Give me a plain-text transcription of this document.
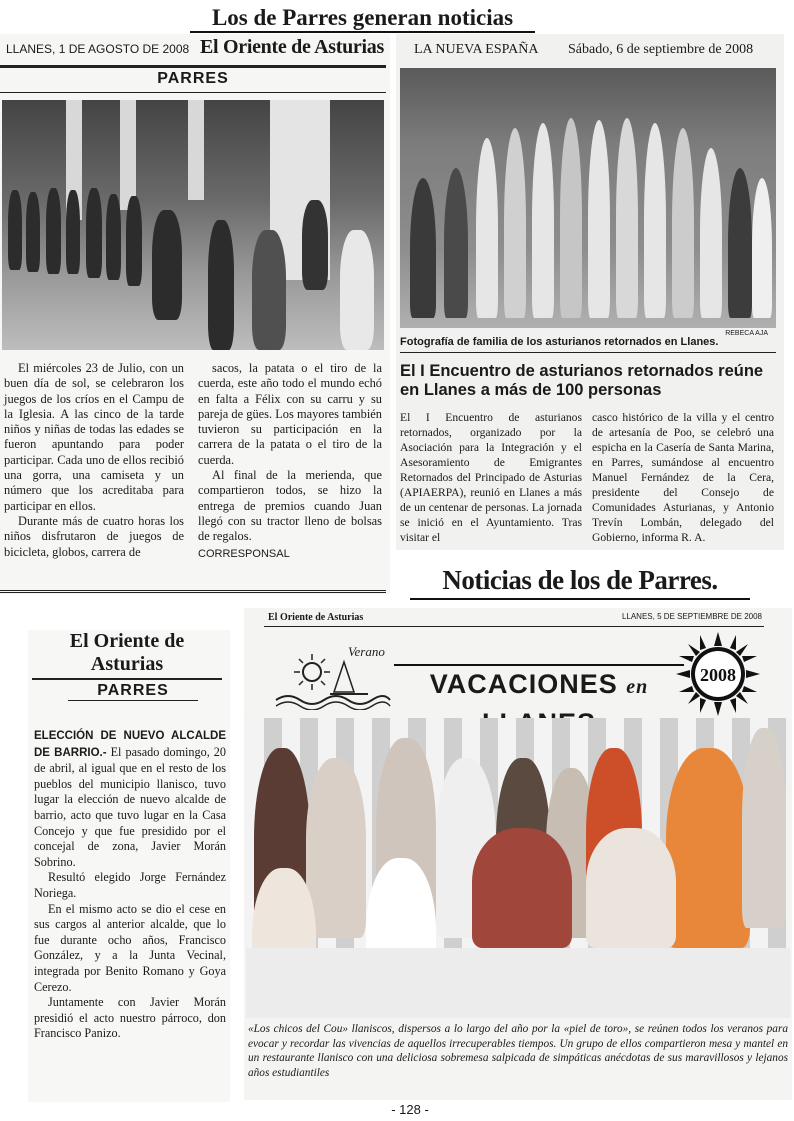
Los de Parres generan noticias
LLANES, 1 DE AGOSTO DE 2008 El Oriente de Asturias
PARRES

El miércoles 23 de Julio, con un buen día de sol, se celebraron los juegos de los críos en el Campu de la Iglesia. A las cinco de la tarde niños y niñas de todas las edades se fueron apuntando para poder participar. Cada uno de ellos recibió una gorra, una camiseta y un número que los acreditaba para participar en ellos.

Durante más de cuatro horas los niños disfrutaron de juegos de bicicleta, globos, carrera de

sacos, la patata o el tiro de la cuerda, este año todo el mundo echó en falta a Félix con su carru y su pareja de gües. Los mayores también tuvieron su participación en la carrera de la patata o el tiro de la cuerda.

Al final de la merienda, que compartieron todos, se hizo la entrega de premios cuando Juan llegó con su tractor lleno de bolsas de regalos.

CORRESPONSAL

LA NUEVA ESPAÑA Sábado, 6 de septiembre de 2008
REBECA AJA
Fotografía de familia de los asturianos retornados en Llanes.
El I Encuentro de asturianos retornados reúne en Llanes a más de 100 personas
El I Encuentro de asturianos retornados, organizado por la Asociación para la Integración y el Asesoramiento de Emigrantes Retornados del Principado de Asturias (APIAERPA), reunió en Llanes a más de un centenar de personas. La jornada se inició en el Ayuntamiento. Tras visitar el
casco histórico de la villa y el centro de artesanía de Poo, se celebró una espicha en la Casería de Santa Marina, en Parres, sumándose al encuentro Manuel Fernández de la Cera, presidente del Consejo de Comunidades Asturianas, y Antonio Trevín Lombán, delegado del Gobierno, informa R. A.
Noticias de los de Parres.
El Oriente de Asturias
PARRES

ELECCIÓN DE NUEVO ALCALDE DE BARRIO.- El pasado domingo, 20 de abril, al igual que en el resto de los pueblos del municipio llanisco, tuvo lugar la elección de nuevo alcalde de barrio, acto que tuvo lugar en la Casa Concejo y que fue presidido por el concejal de zona, Javier Morán Sobrino.

Resultó elegido Jorge Fernández Noriega.

En el mismo acto se dio el cese en sus cargos al anterior alcalde, que lo fue durante ocho años, Francisco González, y a la Junta Vecinal, integrada por Benito Romano y Goya Cerezo.

Juntamente con Javier Morán presidió el acto nuestro párroco, don Francisco Panizo.

El Oriente de Asturias	LLANES, 5 DE SEPTIEMBRE DE 2008
Verano
VACACIONES en
2008
«Los chicos del Cou» llaniscos, dispersos a lo largo del año por la «piel de toro», se reúnen todos los veranos para evocar y recordar las vivencias de aquellos irrecuperables tiempos. Un grupo de ellos compartieron mesa y mantel en un restaurante llanisco con una deliciosa sobremesa salpicada de simpáticas anécdotas de sus maravillosos y lejanos años estudiantiles
- 128 -
